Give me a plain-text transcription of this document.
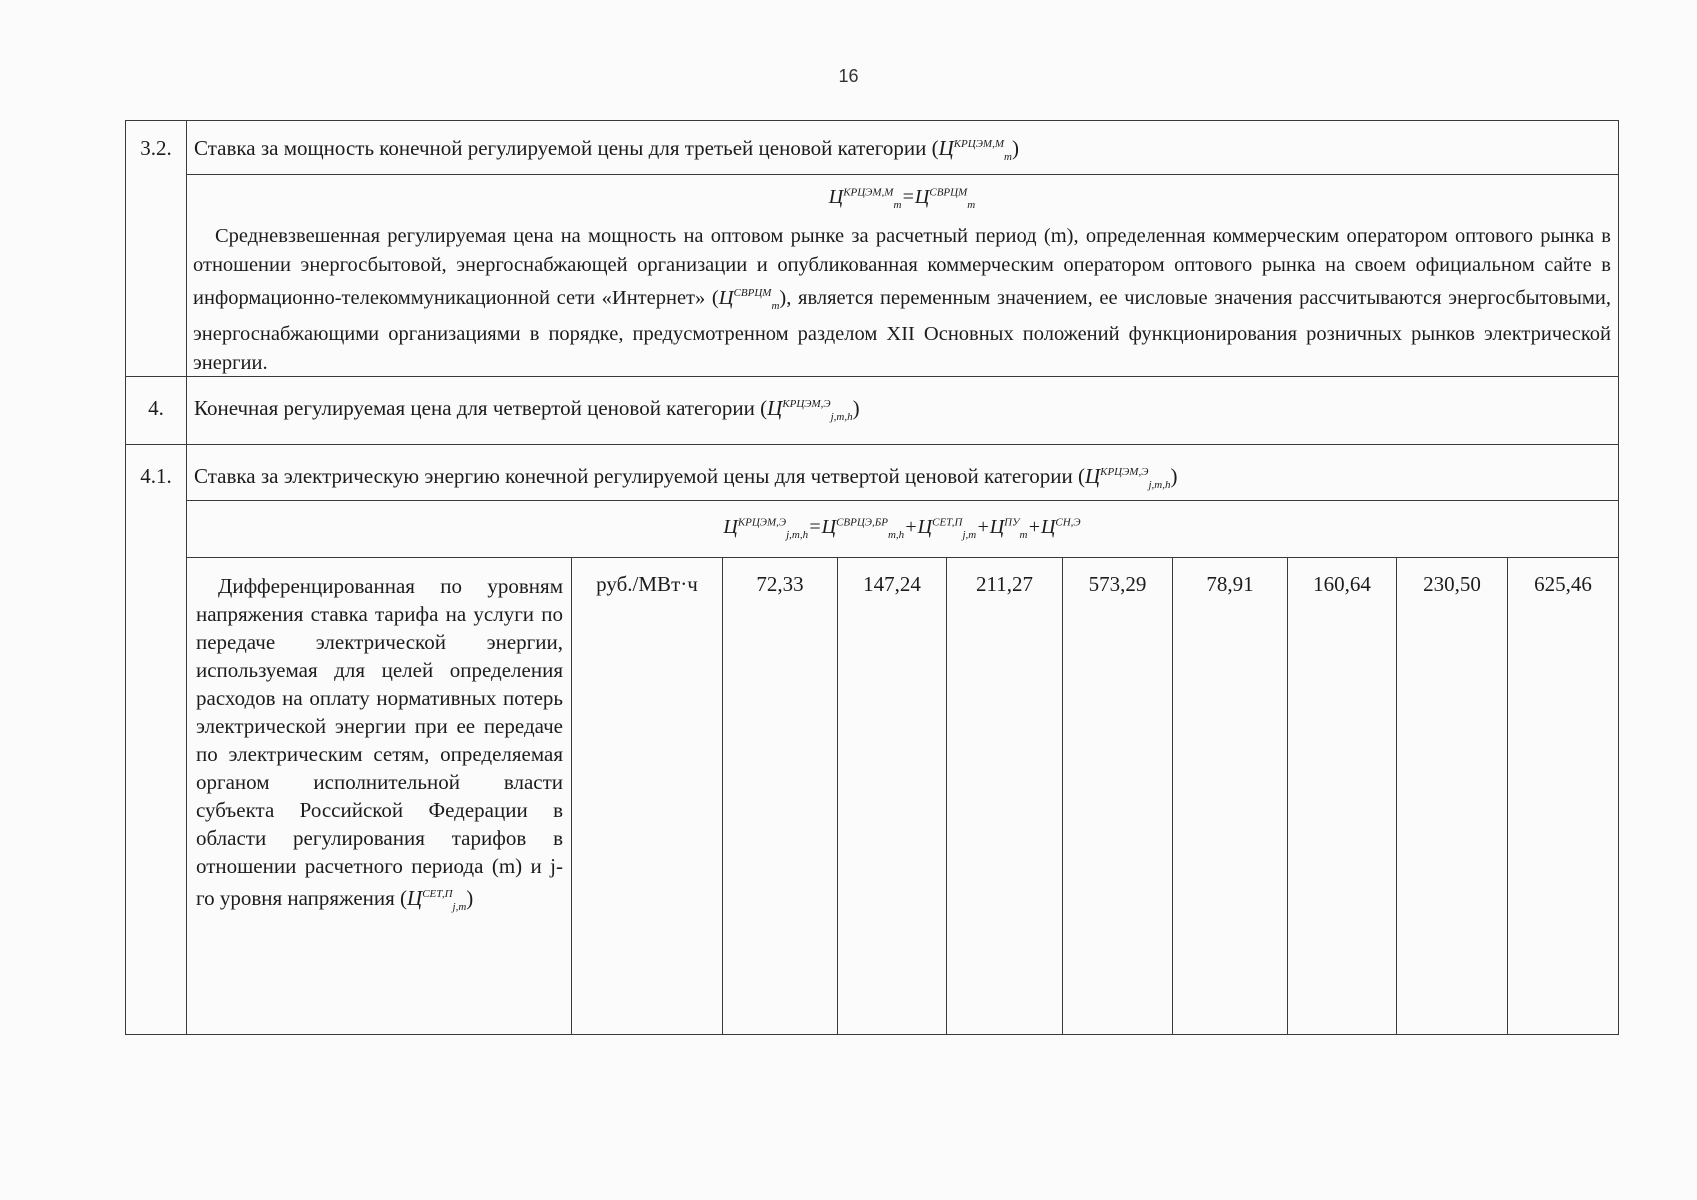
16
3.2.	Ставка за мощность конечной регулируемой цены для третьей ценовой категории $(Ц^{КРЦЭМ,М}_m)$
$Ц^{КРЦЭМ,М}_m=Ц^{СВРЦМ}_m$
Средневзвешенная регулируемая цена на мощность на оптовом рынке за расчетный период (m), определенная коммерческим оператором оптового рынка в отношении энергосбытовой, энергоснабжающей организации и опубликованная коммерческим оператором оптового рынка на своем официальном сайте в информационно-телекоммуникационной сети «Интернет» $(Ц^{СВРЦМ}_m)$, является переменным значением, ее числовые значения рассчитываются энергосбытовыми, энергоснабжающими организациями в порядке, предусмотренном разделом XII Основных положений функционирования розничных рынков электрической энергии.
4.	Конечная регулируемая цена для четвертой ценовой категории $(Ц^{КРЦЭМ,Э}_{j,m,h})$
4.1.	Ставка за электрическую энергию конечной регулируемой цены для четвертой ценовой категории $(Ц^{КРЦЭМ,Э}_{j,m,h})$
$Ц^{КРЦЭМ,Э}_{j,m,h}=Ц^{СВРЦЭ,БР}_{m,h}+Ц^{СЕТ,П}_{j,m}+Ц^{ПУ}_m+Ц^{СН,Э}$
Дифференцированная по уровням напряжения ставка тарифа на услуги по передаче электрической энергии, используемая для целей определения расходов на оплату нормативных потерь электрической энергии при ее передаче по электрическим сетям, определяемая органом исполнительной власти субъекта Российской Федерации в области регулирования тарифов в отношении расчетного периода (m) и j-го уровня напряжения $(Ц^{СЕТ,П}_{j,m})$
руб./МВт·ч	72,33	147,24	211,27	573,29	78,91	160,64	230,50	625,46
